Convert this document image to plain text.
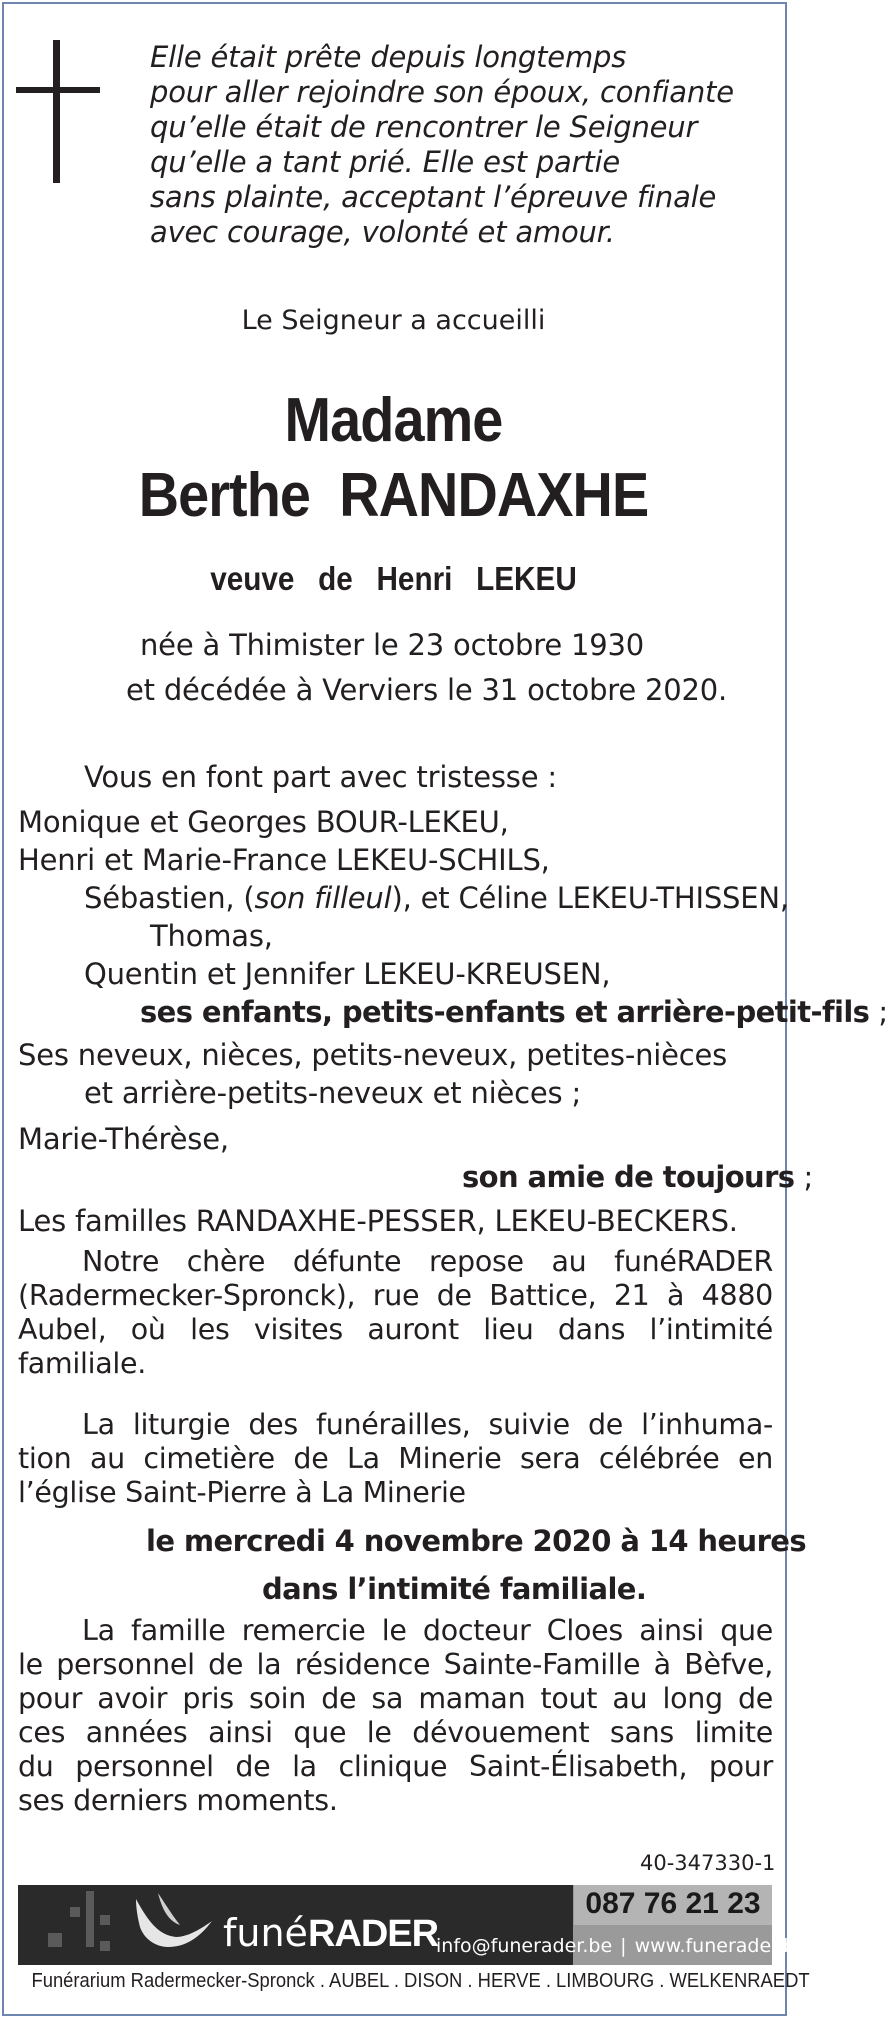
Elle était prête depuis longtemps
pour aller rejoindre son époux, confiante
qu’elle était de rencontrer le Seigneur
qu’elle a tant prié. Elle est partie
sans plainte, acceptant l’épreuve finale
avec courage, volonté et amour.
Le Seigneur a accueilli
Madame
Berthe  RANDAXHE
veuve  de  Henri  LEKEU
née à Thimister le 23 octobre 1930
et décédée à Verviers le 31 octobre 2020.
Vous en font part avec tristesse :
Monique et Georges BOUR-LEKEU,
Henri et Marie-France LEKEU-SCHILS,
Sébastien, (son filleul), et Céline LEKEU-THISSEN,
Thomas,
Quentin et Jennifer LEKEU-KREUSEN,
ses enfants, petits-enfants et arrière-petit-fils ;
Ses neveux, nièces, petits-neveux, petites-nièces
et arrière-petits-neveux et nièces ;
Marie-Thérèse,
son amie de toujours ;
Les familles RANDAXHE-PESSER, LEKEU-BECKERS.
Notre chère défunte repose au funéRADER
(Radermecker-Spronck), rue de Battice, 21 à 4880
Aubel, où les visites auront lieu dans l’intimité
familiale.
La liturgie des funérailles, suivie de l’inhuma-
tion au cimetière de La Minerie sera célébrée en
l’église Saint-Pierre à La Minerie
le mercredi 4 novembre 2020 à 14 heures
dans l’intimité familiale.
La famille remercie le docteur Cloes ainsi que
le personnel de la résidence Sainte-Famille à Bèfve,
pour avoir pris soin de sa maman tout au long de
ces années ainsi que le dévouement sans limite
du personnel de la clinique Saint-Élisabeth, pour
ses derniers moments.
40-347330-1
funéRADER
087 76 21 23
info@funerader.be | www.funerader.be
Funérarium Radermecker-Spronck . AUBEL . DISON . HERVE . LIMBOURG . WELKENRAEDT
